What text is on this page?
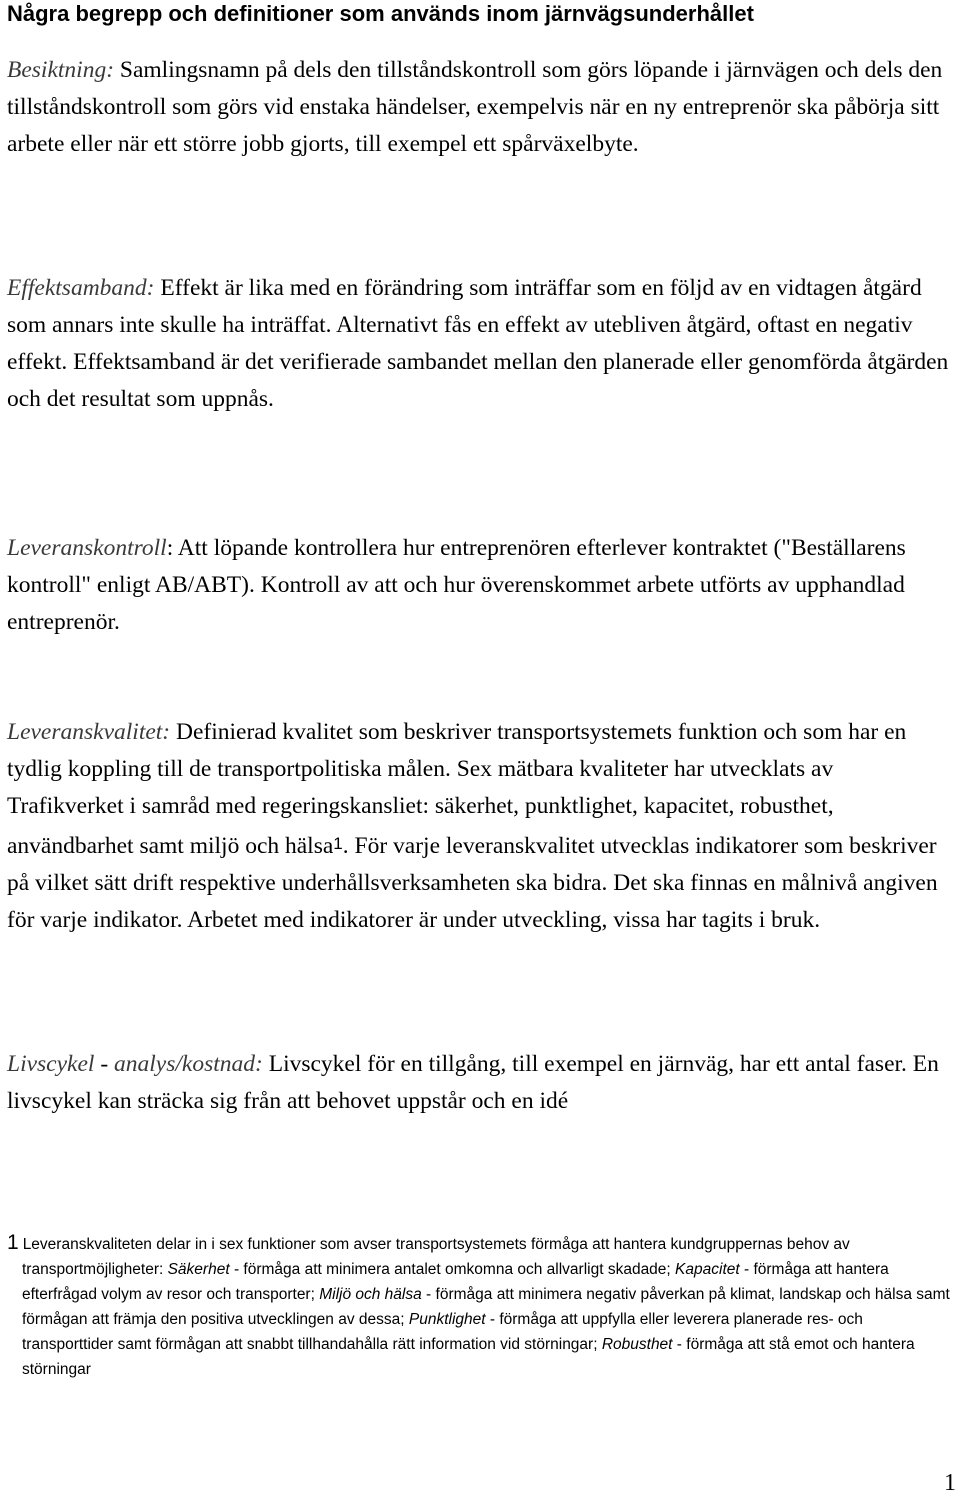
Några begrepp och definitioner som används inom järnvägsunderhållet

Besiktning: Samlingsnamn på dels den tillståndskontroll som görs löpande i järnvägen och dels den tillståndskontroll som görs vid enstaka händelser, exempelvis när en ny entreprenör ska påbörja sitt arbete eller när ett större jobb gjorts, till exempel ett spårväxelbyte.

Effektsamband: Effekt är lika med en förändring som inträffar som en följd av en vidtagen åtgärd som annars inte skulle ha inträffat. Alternativt fås en effekt av utebliven åtgärd, oftast en negativ effekt. Effektsamband är det verifierade sambandet mellan den planerade eller genomförda åtgärden och det resultat som uppnås.

Leveranskontroll: Att löpande kontrollera hur entreprenören efterlever kontraktet ("Beställarens kontroll" enligt AB/ABT). Kontroll av att och hur överenskommet arbete utförts av upphandlad entreprenör.

Leveranskvalitet: Definierad kvalitet som beskriver transportsystemets funktion och som har en tydlig koppling till de transportpolitiska målen. Sex mätbara kvaliteter har utvecklats av Trafikverket i samråd med regeringskansliet: säkerhet, punktlighet, kapacitet, robusthet, användbarhet samt miljö och hälsa$^1$. För varje leveranskvalitet utvecklas indikatorer som beskriver på vilket sätt drift respektive underhållsverksamheten ska bidra. Det ska finnas en målnivå angiven för varje indikator. Arbetet med indikatorer är under utveckling, vissa har tagits i bruk.

Livscykel - analys/kostnad: Livscykel för en tillgång, till exempel en järnväg, har ett antal faser. En livscykel kan sträcka sig från att behovet uppstår och en idé

1 Leveranskvaliteten delar in i sex funktioner som avser transportsystemets förmåga att hantera kundgruppernas behov av transportmöjligheter: Säkerhet - förmåga att minimera antalet omkomna och allvarligt skadade; Kapacitet - förmåga att hantera efterfrågad volym av resor och transporter; Miljö och hälsa - förmåga att minimera negativ påverkan på klimat, landskap och hälsa samt förmågan att främja den positiva utvecklingen av dessa; Punktlighet - förmåga att uppfylla eller leverera planerade res- och transporttider samt förmågan att snabbt tillhandahålla rätt information vid störningar; Robusthet - förmåga att stå emot och hantera störningar

1
